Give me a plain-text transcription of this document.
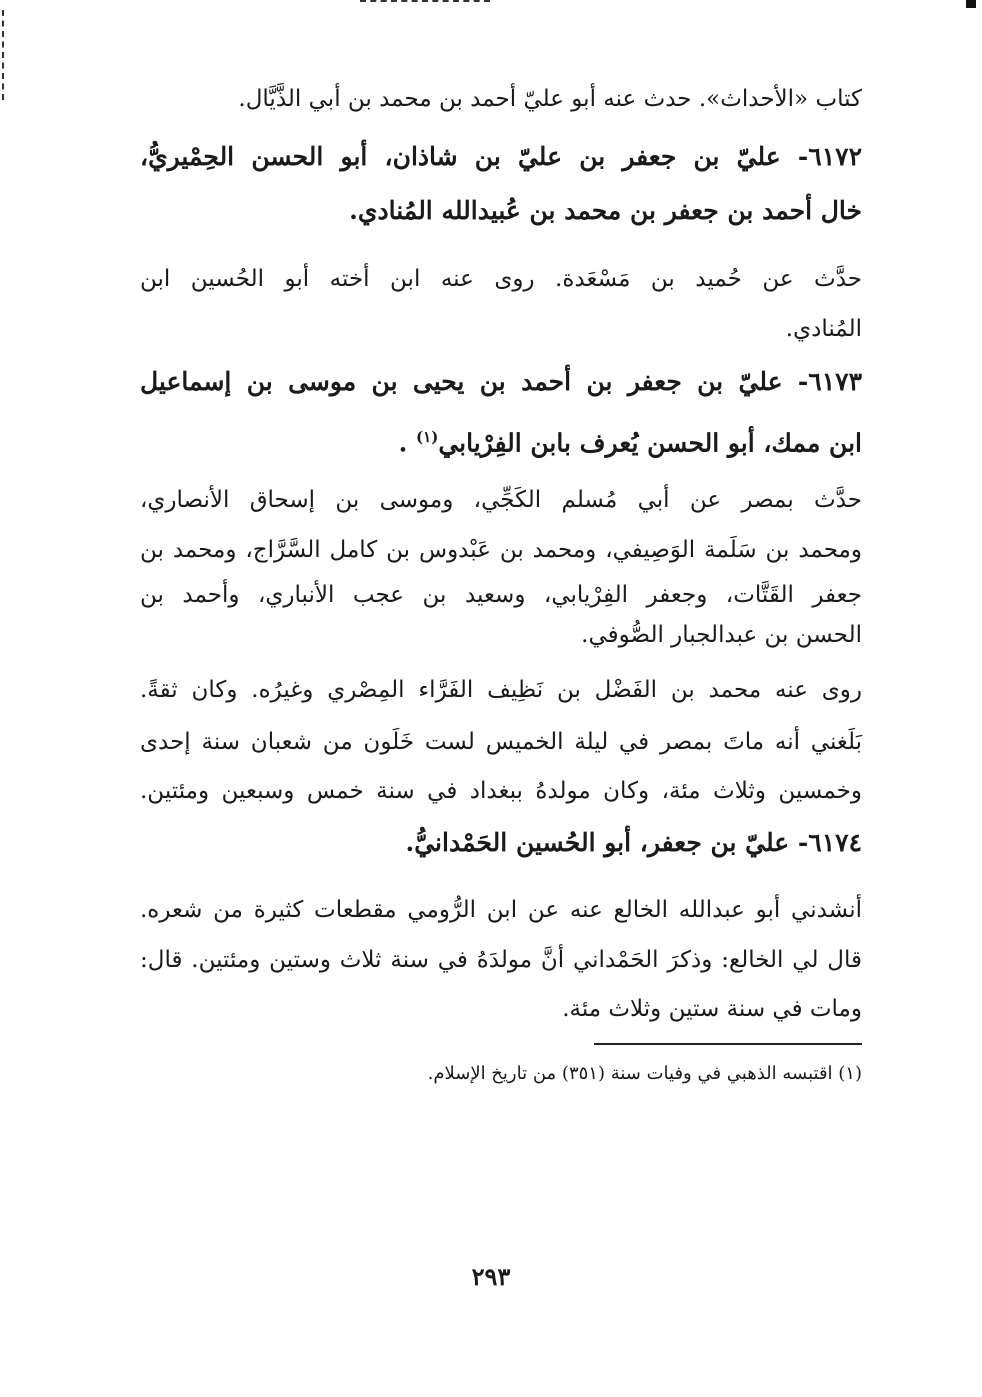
كتاب «الأحداث». حدث عنه أبو عليّ أحمد بن محمد بن أبي الذَّيَّال.
٦١٧٢- عليّ بن جعفر بن عليّ بن شاذان، أبو الحسن الحِمْيريُّ،
خال أحمد بن جعفر بن محمد بن عُبيدالله المُنادي.
حدَّث عن حُميد بن مَسْعَدة. روى عنه ابن أخته أبو الحُسين ابن
المُنادي.
٦١٧٣- عليّ بن جعفر بن أحمد بن يحيى بن موسى بن إسماعيل
ابن ممك، أبو الحسن يُعرف بابن الفِرْيابي$^{(١)}$ .
حدَّث بمصر عن أبي مُسلم الكَجِّي، وموسى بن إسحاق الأنصاري،
ومحمد بن سَلَمة الوَصِيفي، ومحمد بن عَبْدوس بن كامل السَّرَّاج، ومحمد بن
جعفر القَتَّات، وجعفر الفِرْيابي، وسعيد بن عجب الأنباري، وأحمد بن
الحسن بن عبدالجبار الصُّوفي.
روى عنه محمد بن الفَضْل بن نَظِيف الفَرَّاء المِصْري وغيرُه. وكان ثقةً.
بَلَغني أنه ماتَ بمصر في ليلة الخميس لست خَلَون من شعبان سنة إحدى
وخمسين وثلاث مئة، وكان مولدهُ ببغداد في سنة خمس وسبعين ومئتين.
٦١٧٤- عليّ بن جعفر، أبو الحُسين الحَمْدانيُّ.
أنشدني أبو عبدالله الخالع عنه عن ابن الرُّومي مقطعات كثيرة من شعره.
قال لي الخالع: وذكرَ الحَمْداني أنَّ مولدَهُ في سنة ثلاث وستين ومئتين. قال:
ومات في سنة ستين وثلاث مئة.
(١) اقتبسه الذهبي في وفيات سنة (٣٥١) من تاريخ الإسلام.
٢٩٣
